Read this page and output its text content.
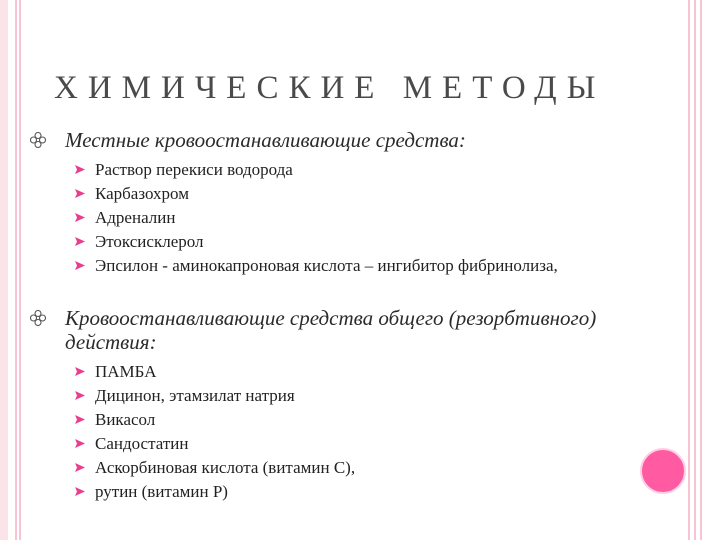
ХИМИЧЕСКИЕ МЕТОДЫ
Местные кровоостанавливающие средства:
Раствор перекиси водорода
Карбазохром
Адреналин
Этоксисклерол
Эпсилон - аминокапроновая кислота – ингибитор фибринолиза,
Кровоостанавливающие средства общего (резорбтивного) действия:
ПАМБА
Дицинон, этамзилат натрия
Викасол
Сандостатин
Аскорбиновая кислота (витамин С),
рутин (витамин Р)
